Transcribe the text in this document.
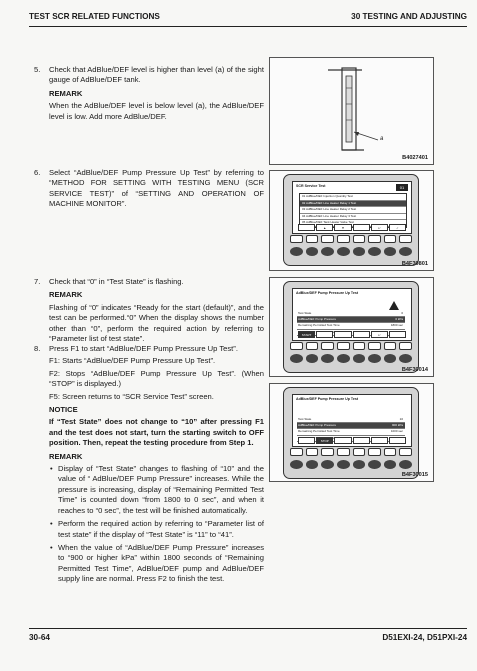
TEST SCR RELATED FUNCTIONS	30 TESTING AND ADJUSTING
5. Check that AdBlue/DEF level is higher than level (a) of the sight gauge of AdBlue/DEF tank.

REMARK

When the AdBlue/DEF level is below level (a), the AdBlue/DEF level is low. Add more AdBlue/DEF.

6. Select “AdBlue/DEF Pump Pressure Up Test” by referring to “METHOD FOR SETTING WITH TESTING MENU (SCR SERVICE TEST)” of “SETTING AND OPERATION OF MACHINE MONITOR”.

7. Check that “0” in “Test State” is flashing.

REMARK

Flashing of “0” indicates “Ready for the start (default)”, and the test can be performed.“0” When the display shows the number other than “0”, perform the required action by referring to “Parameter list of test state”.

8. Press F1 to start “AdBlue/DEF Pump Pressure Up Test”.

F1: Starts “AdBlue/DEF Pump Pressure Up Test”.

F2: Stops “AdBlue/DEF Pump Pressure Up Test”. (When “STOP” is displayed.)

F5: Screen returns to “SCR Service Test” screen.

NOTICE

If “Test State” does not change to “10” after pressing F1 and the test does not start, turn the starting switch to OFF position. Then, repeat the testing procedure from Step 1.

REMARK
• Display of “Test State” changes to flashing of “10” and the value of “ AdBlue/DEF Pump Pressure” increases. While the pressure is increasing, display of “Remaining Permitted Test Time” is counted down “from 1800 to 0 sec”, and when it reaches to “0 sec”, the test will be finished automatically.
• Perform the required action by referring to “Parameter list of test state” if the display of “Test State” is “11” to “41”.
• When the value of “AdBlue/DEF Pump Pressure” increases to “900 or higher kPa” within 1800 seconds of “Remaining Permitted Test Time”, AdBlue/DEF pump and AdBlue/DEF supply line are normal. Press F2 to finish the test.
a
B4027401
SCR Service Test	01
01 AdBlue/DEF Injection Quantity Test
02 AdBlue/DEF Line Heater Relay 1 Test
03 AdBlue/DEF Line Heater Relay 2 Test
04 AdBlue/DEF Line Heater Relay 3 Test
05 AdBlue/DEF Tank Heater Valve Test
▲	▼	↩	✓
B4F30801
AdBlue/DEF Pump Pressure Up Test
Test State	0
AdBlue/DEF Pump Pressure	0 kPa
Remaining Permitted Test Time	1800 sec
START	↩
B4F30014
AdBlue/DEF Pump Pressure Up Test
Test State	10
AdBlue/DEF Pump Pressure	900 kPa
Remaining Permitted Test Time	1000 sec
STOP
B4F30015
30-64	D51EXI-24, D51PXI-24
